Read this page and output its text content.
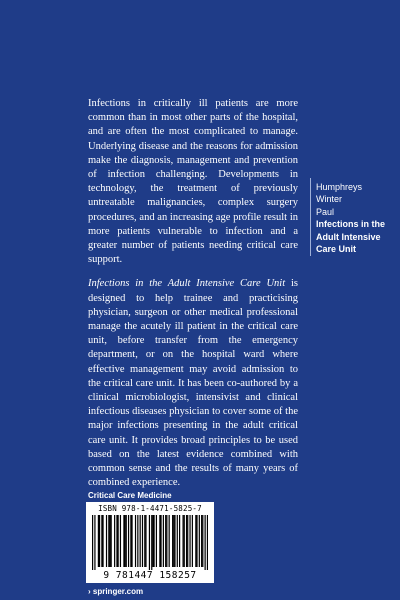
Infections in critically ill patients are more common than in most other parts of the hospital, and are often the most complicated to manage. Underlying disease and the reasons for admission make the diagnosis, management and prevention of infection challenging. Developments in technology, the treatment of previously untreatable malignancies, complex surgery procedures, and an increasing age profile result in more patients vulnerable to infection and a greater number of patients needing critical care support.

Infections in the Adult Intensive Care Unit is designed to help trainee and practicising physician, surgeon or other medical professional manage the acutely ill patient in the critical care unit, before transfer from the emergency department, or on the hospital ward where effective management may avoid admission to the critical care unit. It has been co-authored by a clinical microbiologist, intensivist and clinical infectious diseases physician to cover some of the major infections presenting in the adult critical care unit. It provides broad principles to be used based on the latest evidence combined with common sense and the results of many years of combined experience.

Humphreys
Winter
Paul
Infections in the
Adult Intensive
Care Unit
Critical Care Medicine
ISBN 978-1-4471-5825-7
9 781447 158257
› springer.com
